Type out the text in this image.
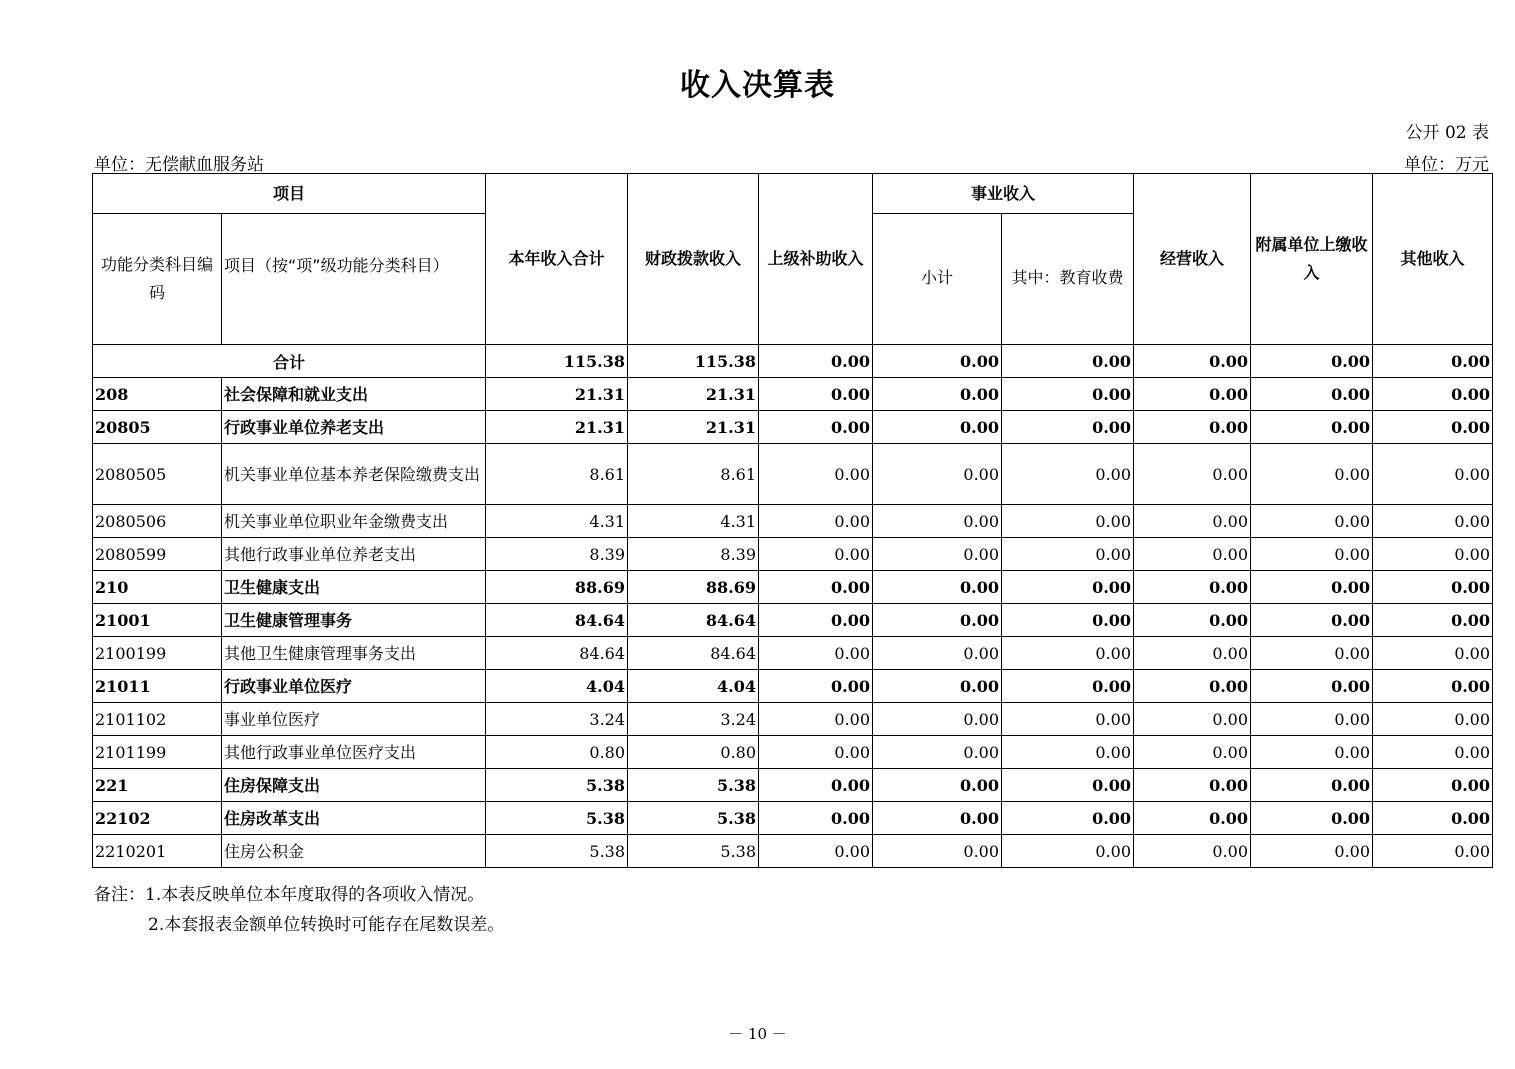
收入决算表
公开 02 表
单位：无偿献血服务站	单位：万元
项目		本年收入合计	财政拨款收入	上级补助收入	事业收入		经营收入	附属单位上缴收入	其他收入
功能分类科目编码	项目（按“项”级功能分类科目）				小计	其中：教育收费			
合计		115.38	115.38	0.00	0.00	0.00	0.00	0.00	0.00
208	社会保障和就业支出	21.31	21.31	0.00	0.00	0.00	0.00	0.00	0.00
20805	行政事业单位养老支出	21.31	21.31	0.00	0.00	0.00	0.00	0.00	0.00
2080505	机关事业单位基本养老保险缴费支出	8.61	8.61	0.00	0.00	0.00	0.00	0.00	0.00
2080506	机关事业单位职业年金缴费支出	4.31	4.31	0.00	0.00	0.00	0.00	0.00	0.00
2080599	其他行政事业单位养老支出	8.39	8.39	0.00	0.00	0.00	0.00	0.00	0.00
210	卫生健康支出	88.69	88.69	0.00	0.00	0.00	0.00	0.00	0.00
21001	卫生健康管理事务	84.64	84.64	0.00	0.00	0.00	0.00	0.00	0.00
2100199	其他卫生健康管理事务支出	84.64	84.64	0.00	0.00	0.00	0.00	0.00	0.00
21011	行政事业单位医疗	4.04	4.04	0.00	0.00	0.00	0.00	0.00	0.00
2101102	事业单位医疗	3.24	3.24	0.00	0.00	0.00	0.00	0.00	0.00
2101199	其他行政事业单位医疗支出	0.80	0.80	0.00	0.00	0.00	0.00	0.00	0.00
221	住房保障支出	5.38	5.38	0.00	0.00	0.00	0.00	0.00	0.00
22102	住房改革支出	5.38	5.38	0.00	0.00	0.00	0.00	0.00	0.00
2210201	住房公积金	5.38	5.38	0.00	0.00	0.00	0.00	0.00	0.00
备注：1.本表反映单位本年度取得的各项收入情况。
2.本套报表金额单位转换时可能存在尾数误差。
－ 10 －
